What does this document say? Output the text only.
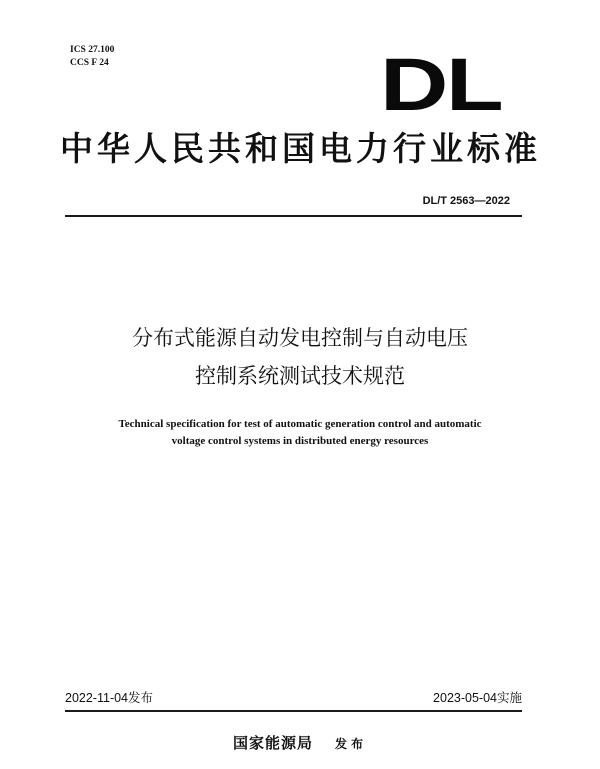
ICS 27.100
CCS F 24	DL
中华人民共和国电力行业标准
DL/T 2563—2022
分布式能源自动发电控制与自动电压
控制系统测试技术规范
Technical specification for test of automatic generation control and automatic
voltage control systems in distributed energy resources
2022-11-04发布	2023-05-04实施
国家能源局 发布
